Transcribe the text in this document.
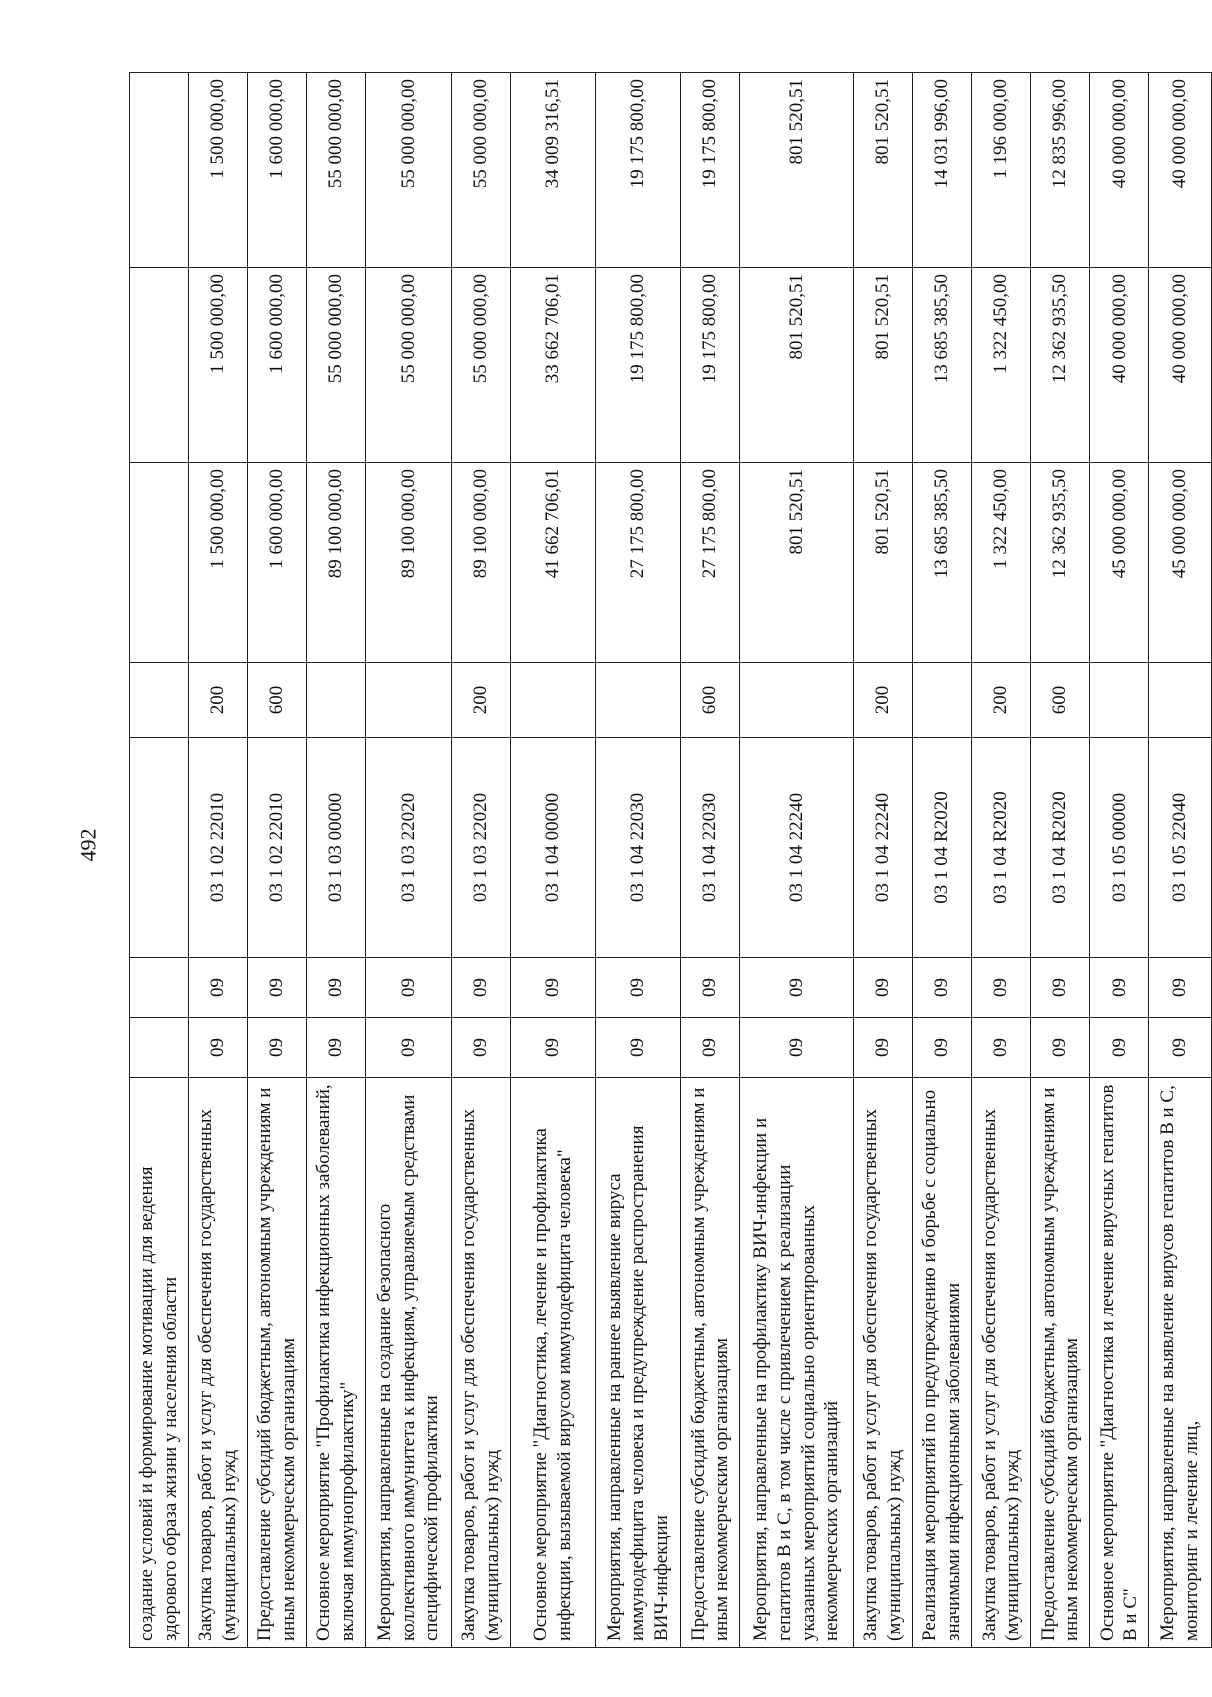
492
создание условий и формирование мотивации для ведения здорового образа жизни у населения области							
Закупка товаров, работ и услуг для обеспечения государственных (муниципальных) нужд	09	09	03 1 02 22010	200	1 500 000,00	1 500 000,00	1 500 000,00
Предоставление субсидий бюджетным, автономным учреждениям и иным некоммерческим организациям	09	09	03 1 02 22010	600	1 600 000,00	1 600 000,00	1 600 000,00
Основное мероприятие "Профилактика инфекционных заболеваний, включая иммунопрофилактику"	09	09	03 1 03 00000		89 100 000,00	55 000 000,00	55 000 000,00
Мероприятия, направленные на создание безопасного коллективного иммунитета к инфекциям, управляемым средствами специфической профилактики	09	09	03 1 03 22020		89 100 000,00	55 000 000,00	55 000 000,00
Закупка товаров, работ и услуг для обеспечения государственных (муниципальных) нужд	09	09	03 1 03 22020	200	89 100 000,00	55 000 000,00	55 000 000,00
Основное мероприятие "Диагностика, лечение и профилактика инфекции, вызываемой вирусом иммунодефицита человека"	09	09	03 1 04 00000		41 662 706,01	33 662 706,01	34 009 316,51
Мероприятия, направленные на раннее выявление вируса иммунодефицита человека и предупреждение распространения ВИЧ-инфекции	09	09	03 1 04 22030		27 175 800,00	19 175 800,00	19 175 800,00
Предоставление субсидий бюджетным, автономным учреждениям и иным некоммерческим организациям	09	09	03 1 04 22030	600	27 175 800,00	19 175 800,00	19 175 800,00
Мероприятия, направленные на профилактику ВИЧ-инфекции и гепатитов В и С, в том числе с привлечением к реализации указанных мероприятий социально ориентированных некоммерческих организаций	09	09	03 1 04 22240		801 520,51	801 520,51	801 520,51
Закупка товаров, работ и услуг для обеспечения государственных (муниципальных) нужд	09	09	03 1 04 22240	200	801 520,51	801 520,51	801 520,51
Реализация мероприятий по предупреждению и борьбе с социально значимыми инфекционными заболеваниями	09	09	03 1 04 R2020		13 685 385,50	13 685 385,50	14 031 996,00
Закупка товаров, работ и услуг для обеспечения государственных (муниципальных) нужд	09	09	03 1 04 R2020	200	1 322 450,00	1 322 450,00	1 196 000,00
Предоставление субсидий бюджетным, автономным учреждениям и иным некоммерческим организациям	09	09	03 1 04 R2020	600	12 362 935,50	12 362 935,50	12 835 996,00
Основное мероприятие "Диагностика и лечение вирусных гепатитов В и С"	09	09	03 1 05 00000		45 000 000,00	40 000 000,00	40 000 000,00
Мероприятия, направленные на выявление вирусов гепатитов В и С, мониторинг и лечение лиц,	09	09	03 1 05 22040		45 000 000,00	40 000 000,00	40 000 000,00
